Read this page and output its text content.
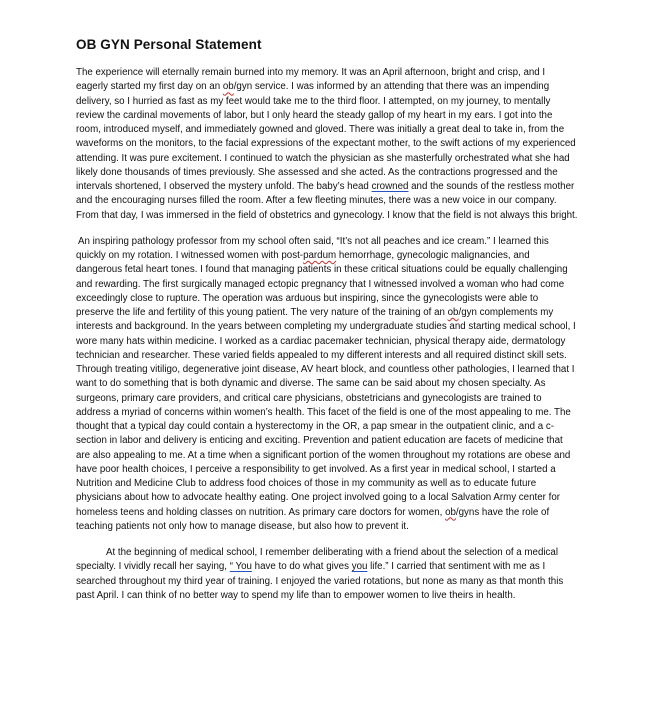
OB GYN Personal Statement

The experience will eternally remain burned into my memory. It was an April afternoon, bright and crisp, and I eagerly started my first day on an ob/gyn service. I was informed by an attending that there was an impending delivery, so I hurried as fast as my feet would take me to the third floor. I attempted, on my journey, to mentally review the cardinal movements of labor, but I only heard the steady gallop of my heart in my ears. I got into the room, introduced myself, and immediately gowned and gloved. There was initially a great deal to take in, from the waveforms on the monitors, to the facial expressions of the expectant mother, to the swift actions of my experienced attending. It was pure excitement. I continued to watch the physician as she masterfully orchestrated what she had likely done thousands of times previously. She assessed and she acted. As the contractions progressed and the intervals shortened, I observed the mystery unfold. The baby’s head crowned and the sounds of the restless mother and the encouraging nurses filled the room. After a few fleeting minutes, there was a new voice in our company. From that day, I was immersed in the field of obstetrics and gynecology. I know that the field is not always this bright.

An inspiring pathology professor from my school often said, “It’s not all peaches and ice cream.” I learned this quickly on my rotation. I witnessed women with post-pardum hemorrhage, gynecologic malignancies, and dangerous fetal heart tones. I found that managing patients in these critical situations could be equally challenging and rewarding. The first surgically managed ectopic pregnancy that I witnessed involved a woman who had come exceedingly close to rupture. The operation was arduous but inspiring, since the gynecologists were able to preserve the life and fertility of this young patient. The very nature of the training of an ob/gyn complements my interests and background. In the years between completing my undergraduate studies and starting medical school, I wore many hats within medicine. I worked as a cardiac pacemaker technician, physical therapy aide, dermatology technician and researcher. These varied fields appealed to my different interests and all required distinct skill sets. Through treating vitiligo, degenerative joint disease, AV heart block, and countless other pathologies, I learned that I want to do something that is both dynamic and diverse. The same can be said about my chosen specialty. As surgeons, primary care providers, and critical care physicians, obstetricians and gynecologists are trained to address a myriad of concerns within women’s health. This facet of the field is one of the most appealing to me. The thought that a typical day could contain a hysterectomy in the OR, a pap smear in the outpatient clinic, and a c-section in labor and delivery is enticing and exciting. Prevention and patient education are facets of medicine that are also appealing to me. At a time when a significant portion of the women throughout my rotations are obese and have poor health choices, I perceive a responsibility to get involved. As a first year in medical school, I started a Nutrition and Medicine Club to address food choices of those in my community as well as to educate future physicians about how to advocate healthy eating. One project involved going to a local Salvation Army center for homeless teens and holding classes on nutrition. As primary care doctors for women, ob/gyns have the role of teaching patients not only how to manage disease, but also how to prevent it.

At the beginning of medical school, I remember deliberating with a friend about the selection of a medical specialty. I vividly recall her saying, “ You have to do what gives you life.” I carried that sentiment with me as I searched throughout my third year of training. I enjoyed the varied rotations, but none as many as that month this past April. I can think of no better way to spend my life than to empower women to live theirs in health.
